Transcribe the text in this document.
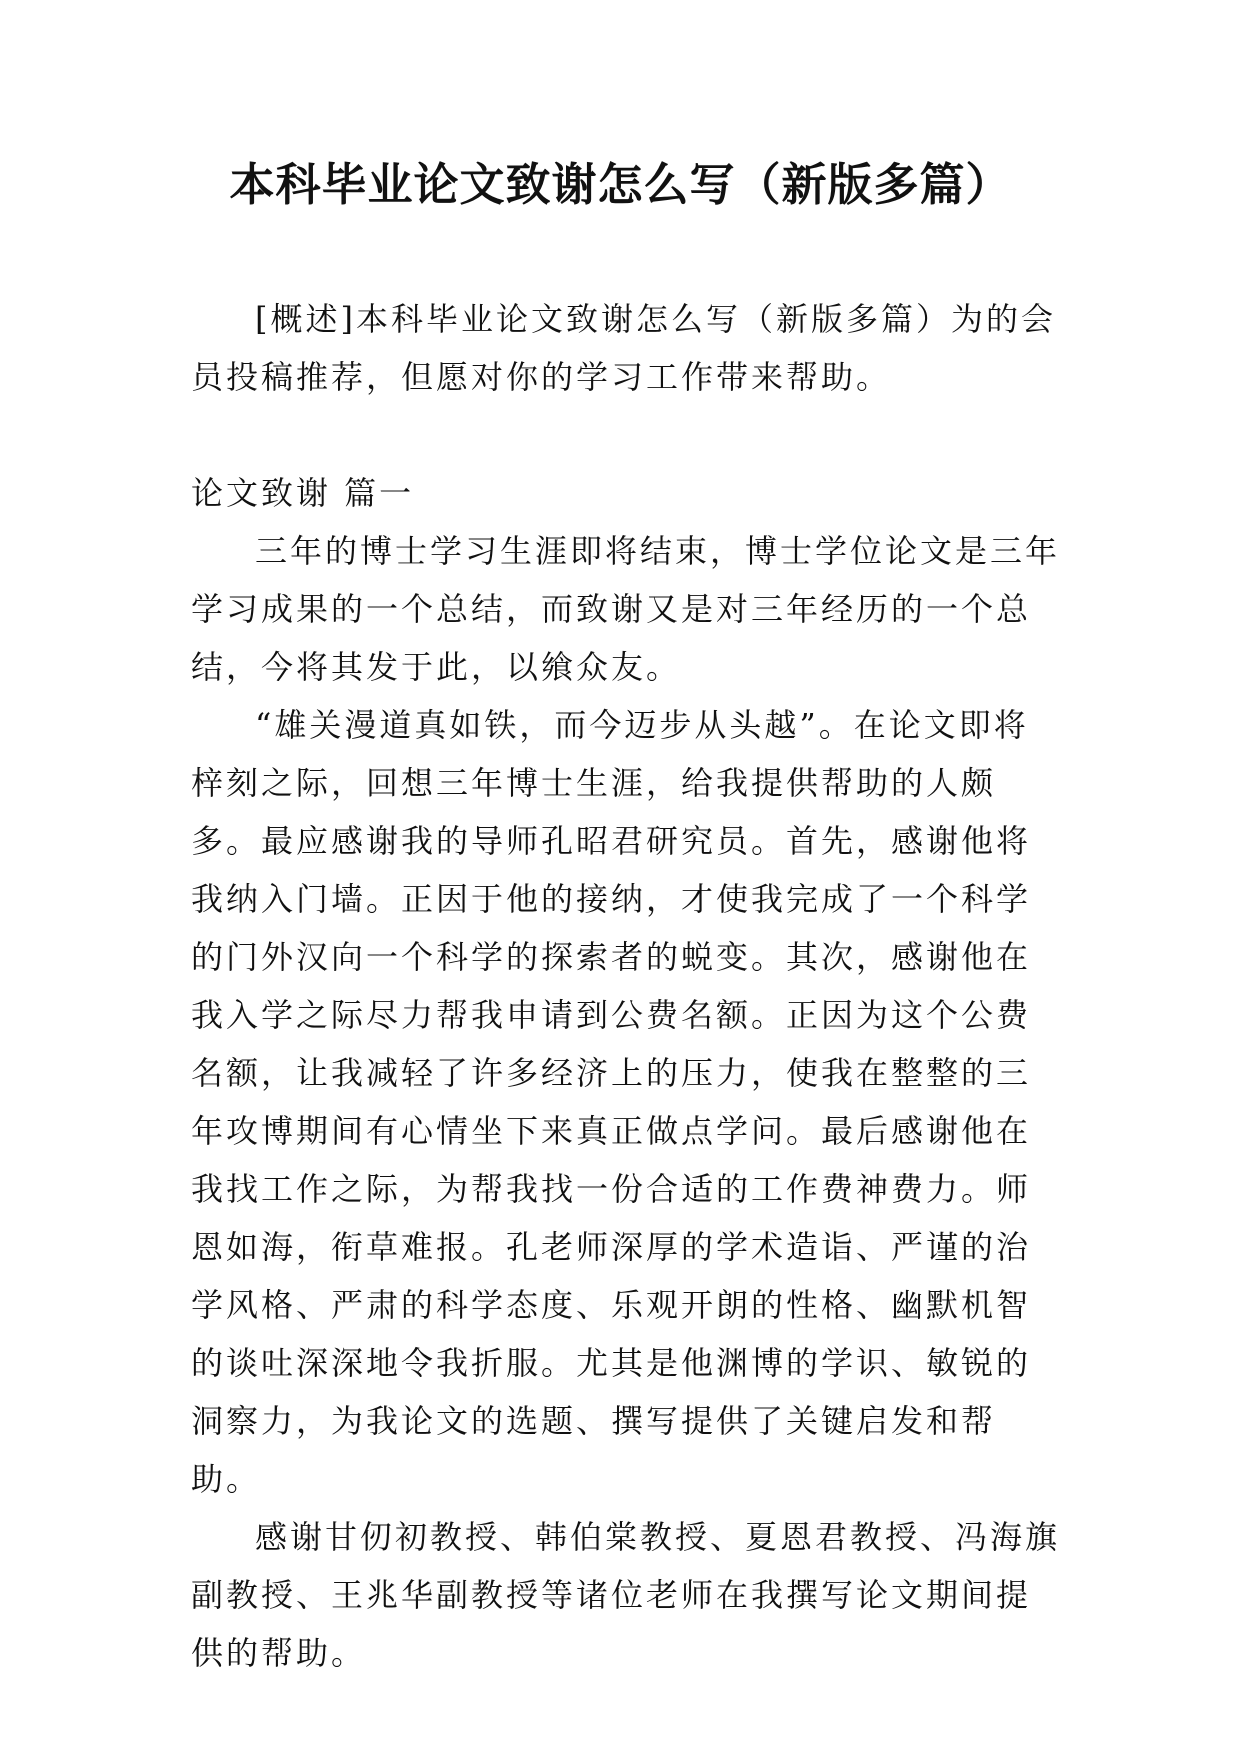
本科毕业论文致谢怎么写（新版多篇）

[概述]本科毕业论文致谢怎么写（新版多篇）为的会员投稿推荐，但愿对你的学习工作带来帮助。

论文致谢 篇一

三年的博士学习生涯即将结束，博士学位论文是三年学习成果的一个总结，而致谢又是对三年经历的一个总结，今将其发于此，以飨众友。

“雄关漫道真如铁，而今迈步从头越”。在论文即将梓刻之际，回想三年博士生涯，给我提供帮助的人颇多。最应感谢我的导师孔昭君研究员。首先，感谢他将我纳入门墙。正因于他的接纳，才使我完成了一个科学的门外汉向一个科学的探索者的蜕变。其次，感谢他在我入学之际尽力帮我申请到公费名额。正因为这个公费名额，让我减轻了许多经济上的压力，使我在整整的三年攻博期间有心情坐下来真正做点学问。最后感谢他在我找工作之际，为帮我找一份合适的工作费神费力。师恩如海，衔草难报。孔老师深厚的学术造诣、严谨的治学风格、严肃的科学态度、乐观开朗的性格、幽默机智的谈吐深深地令我折服。尤其是他渊博的学识、敏锐的洞察力，为我论文的选题、撰写提供了关键启发和帮助。

感谢甘仞初教授、韩伯棠教授、夏恩君教授、冯海旗副教授、王兆华副教授等诸位老师在我撰写论文期间提供的帮助。
